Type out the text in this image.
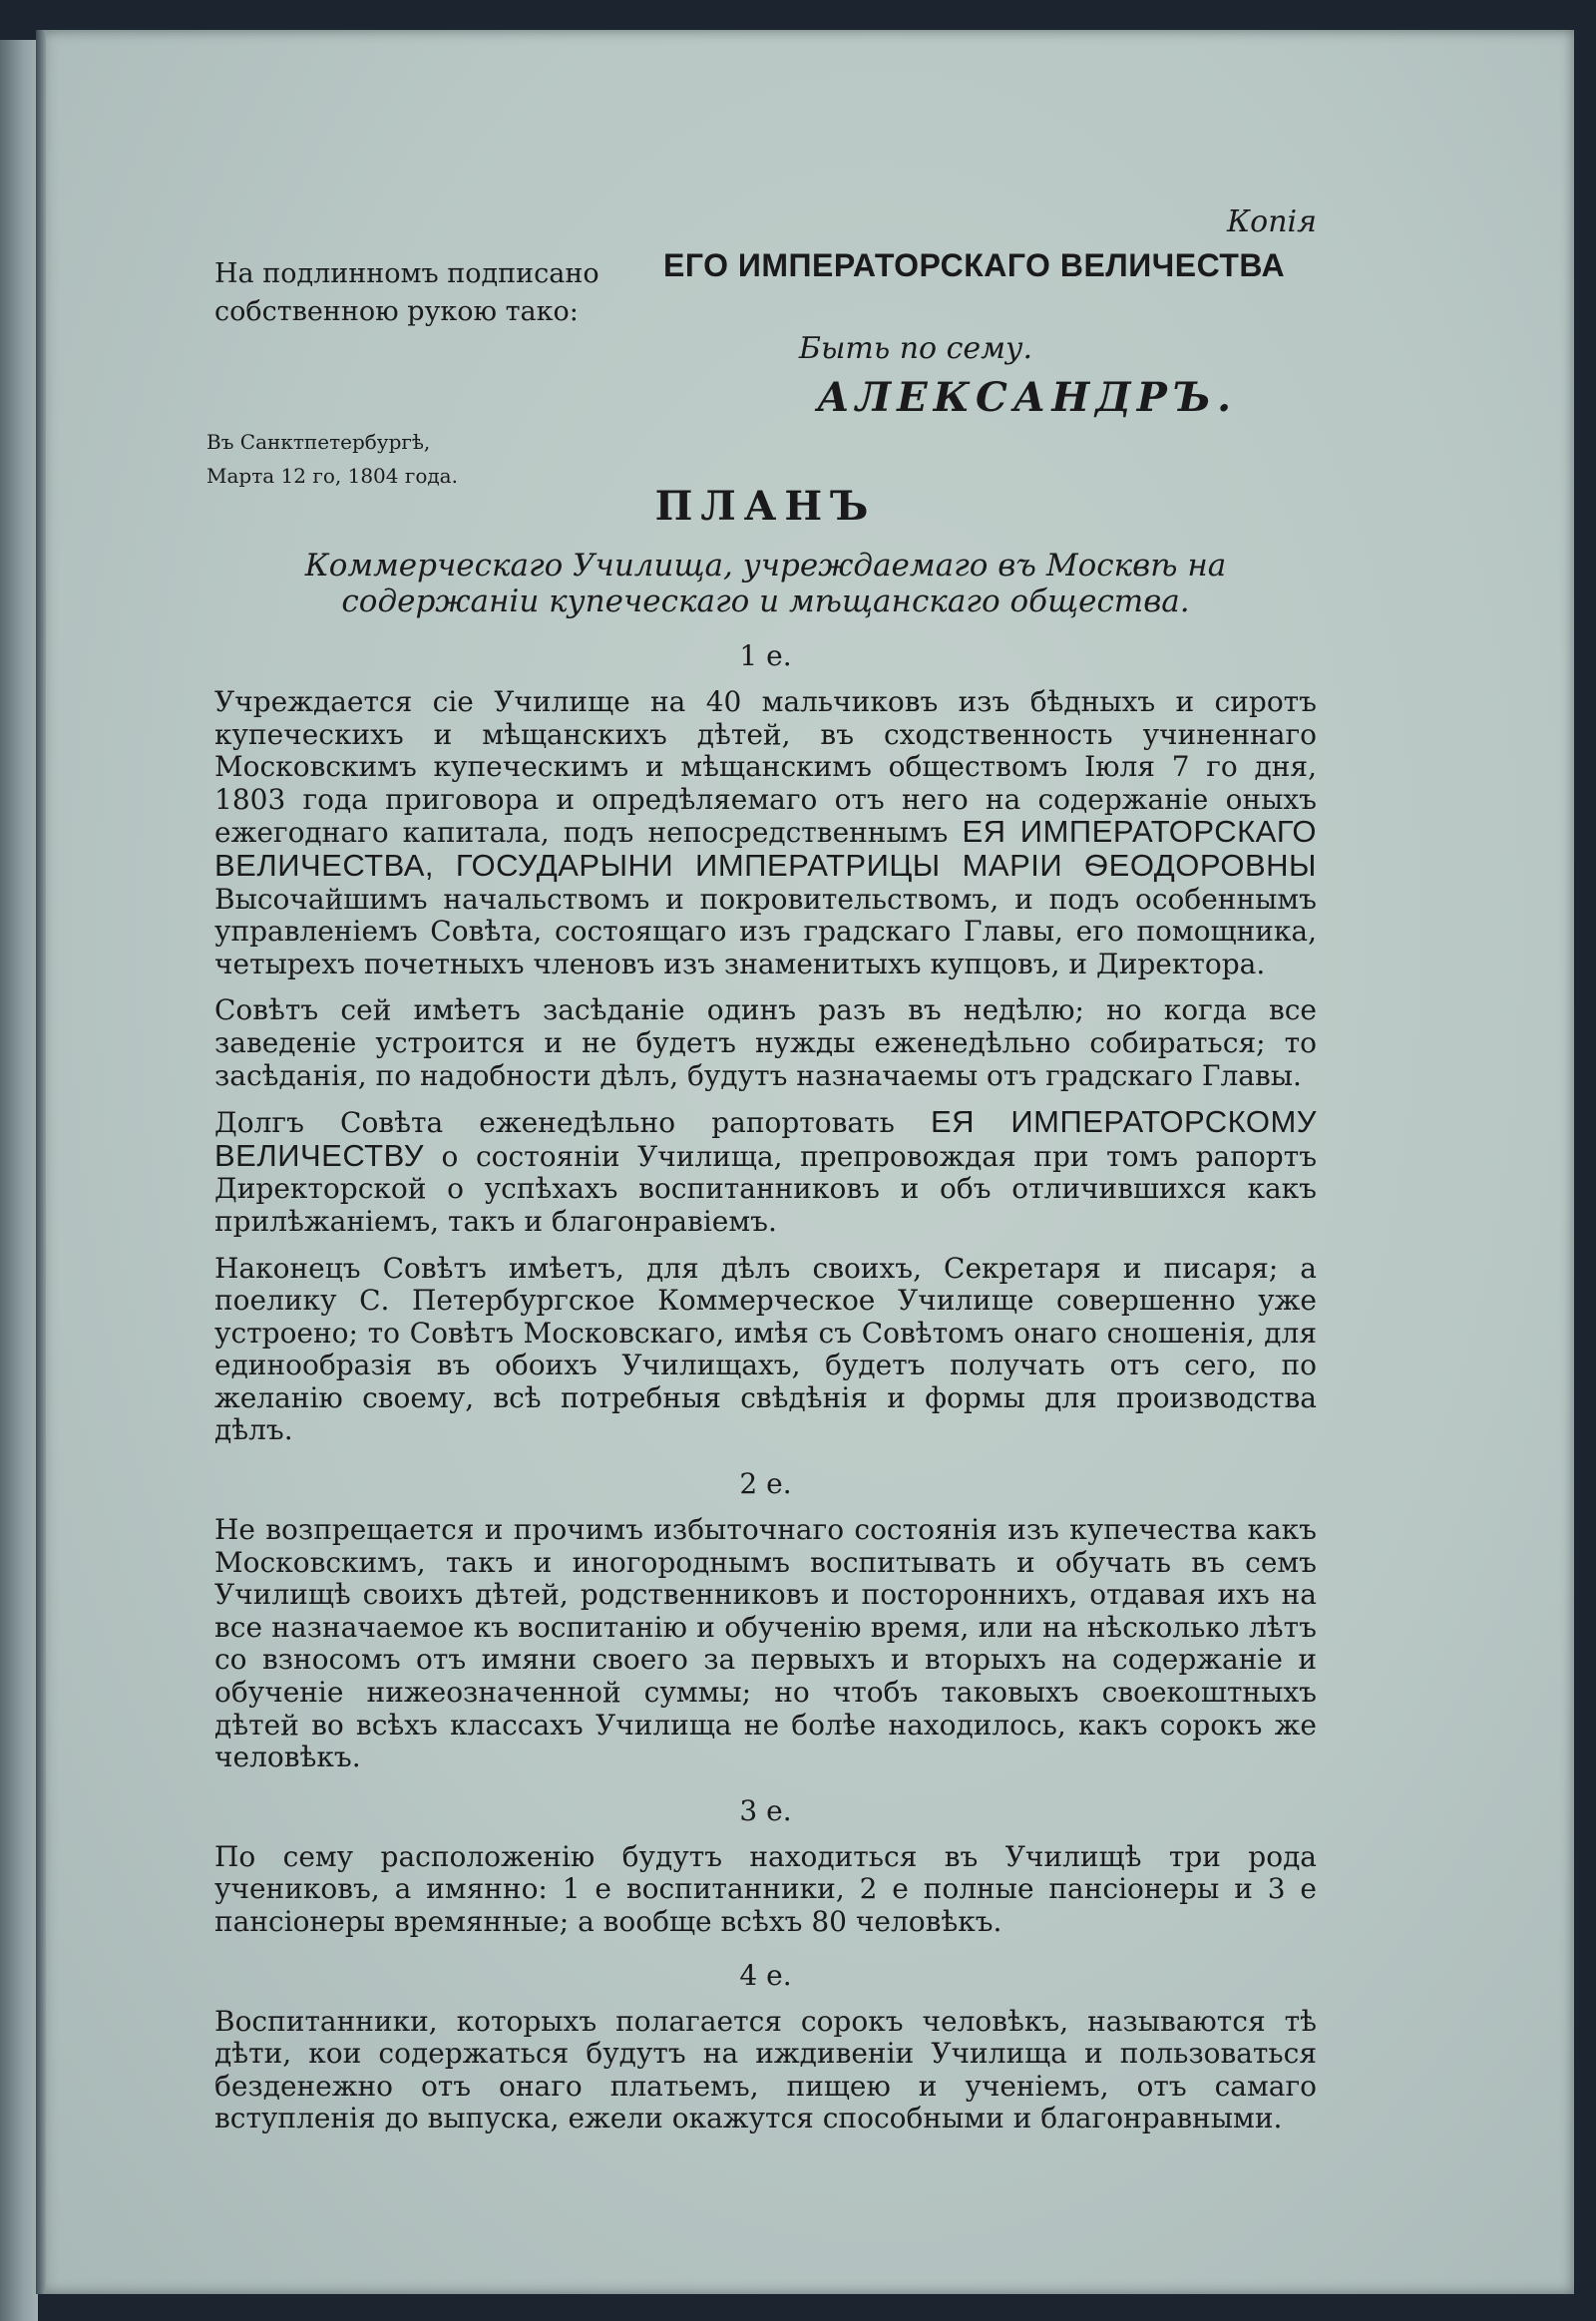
Копiя
На подлинномъ подписано собственною рукою тако:
ЕГО ИМПЕРАТОРСКАГО ВЕЛИЧЕСТВА
Быть по сему.
АЛЕКСАНДРЪ.
Въ Санктпетербургѣ,
Марта 12 го, 1804 года.
ПЛАНЪ
Коммерческаго Училища, учреждаемаго въ Москвѣ на содержанiи купеческаго и мѣщанскаго общества.
1 е.

Учреждается сiе Училище на 40 мальчиковъ изъ бѣдныхъ и сиротъ купеческихъ и мѣщанскихъ дѣтей, въ сходственность учиненнаго Московскимъ купеческимъ и мѣщанскимъ обществомъ Іюля 7 го дня, 1803 года приговора и опредѣляемаго отъ него на содержанiе оныхъ ежегоднаго капитала, подъ непосредственнымъ ЕЯ ИМПЕРАТОРСКАГО ВЕЛИЧЕСТВА, ГОСУДАРЫНИ ИМПЕРАТРИЦЫ МАРIИ ѲЕОДОРОВНЫ Высочайшимъ начальствомъ и покровительствомъ, и подъ особеннымъ управленiемъ Совѣта, состоящаго изъ градскаго Главы, его помощника, четырехъ почетныхъ членовъ изъ знаменитыхъ купцовъ, и Директора.

Совѣтъ сей имѣетъ засѣданiе одинъ разъ въ недѣлю; но когда все заведенiе устроится и не будетъ нужды еженедѣльно собираться; то засѣданiя, по надобности дѣлъ, будутъ назначаемы отъ градскаго Главы.

Долгъ Совѣта еженедѣльно рапортовать ЕЯ ИМПЕРАТОРСКОМУ ВЕЛИЧЕСТВУ о состоянiи Училища, препровождая при томъ рапортъ Директорской о успѣхахъ воспитанниковъ и объ отличившихся какъ прилѣжанiемъ, такъ и благонравiемъ.

Наконецъ Совѣтъ имѣетъ, для дѣлъ своихъ, Секретаря и писаря; а поелику С. Петербургское Коммерческое Училище совершенно уже устроено; то Совѣтъ Московскаго, имѣя съ Совѣтомъ онаго сношенiя, для единообразiя въ обоихъ Училищахъ, будетъ получать отъ сего, по желанiю своему, всѣ потребныя свѣдѣнiя и формы для производства дѣлъ.

2 е.

Не возпрещается и прочимъ избыточнаго состоянiя изъ купечества какъ Московскимъ, такъ и иногороднымъ воспитывать и обучать въ семъ Училищѣ своихъ дѣтей, родственниковъ и постороннихъ, отдавая ихъ на все назначаемое къ воспитанiю и обученiю время, или на нѣсколько лѣтъ со взносомъ отъ имяни своего за первыхъ и вторыхъ на содержанiе и обученiе нижеозначенной суммы; но чтобъ таковыхъ своекоштныхъ дѣтей во всѣхъ классахъ Училища не болѣе находилось, какъ сорокъ же человѣкъ.

3 е.

По сему расположенiю будутъ находиться въ Училищѣ три рода учениковъ, а имянно: 1 е воспитанники, 2 е полные пансiонеры и 3 е пансiонеры времянные; а вообще всѣхъ 80 человѣкъ.

4 е.

Воспитанники, которыхъ полагается сорокъ человѣкъ, называются тѣ дѣти, кои содержаться будутъ на иждивенiи Училища и пользоваться безденежно отъ онаго платьемъ, пищею и ученiемъ, отъ самаго вступленiя до выпуска, ежели окажутся способными и благонравными.
